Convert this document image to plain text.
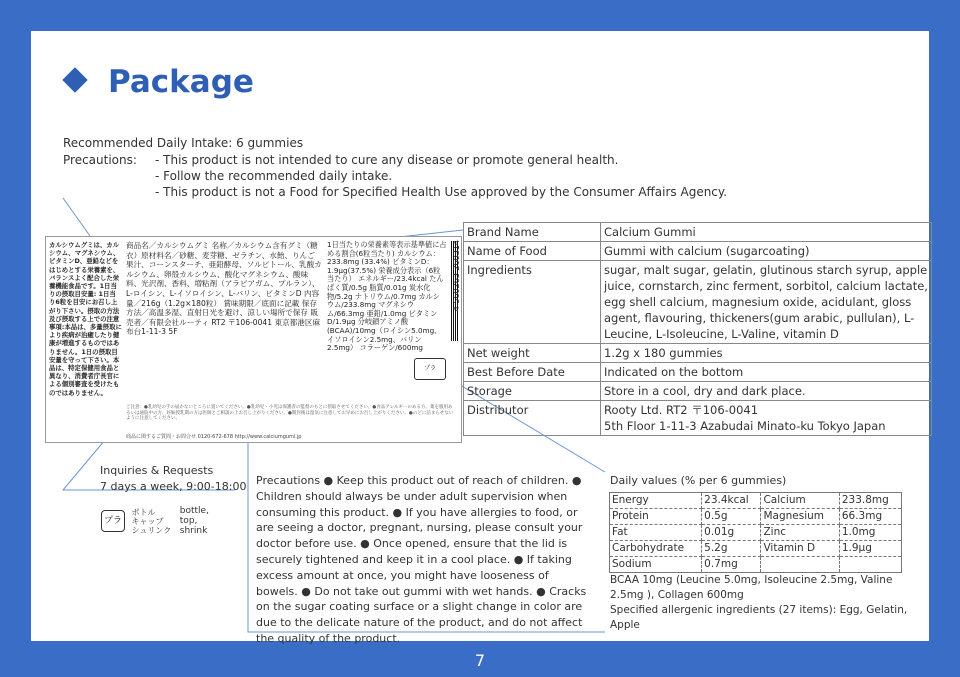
Package
Recommended Daily Intake: 6 gummies
Precautions: - This product is not intended to cure any disease or promote general health.
- Follow the recommended daily intake.
- This product is not a Food for Specified Health Use approved by the Consumer Affairs Agency.
カルシウムグミは、カルシウム、マグネシウム、ビタミンD、亜鉛などをはじめとする栄養素を、バランスよく配合した栄養機能食品です。1日当りの摂取目安量: 1日当り6粒を目安にお召し上がり下さい。摂取の方法及び摂取する上での注意事項:本品は、多量摂取により疾病が治癒したり健康が増進するものではありません。1日の摂取目安量を守って下さい。本品は、特定保健用食品と異なり、消費者庁長官による個別審査を受けたものではありません。
商品名／カルシウムグミ 名称／カルシウム含有グミ（糖衣）原材料名／砂糖、麦芽糖、ゼラチン、水飴、りんご果汁、コーンスターチ、亜鉛酵母、ソルビトール、乳酸カルシウム、卵殻カルシウム、酸化マグネシウム、酸味料、光沢剤、香料、増粘剤（アラビアガム、プルラン）、L-ロイシン、L-イソロイシン、L-バリン、ビタミンD 内容量／216g（1.2g×180粒） 賞味期限／底面に記載 保存方法／高温多湿、直射日光を避け、涼しい場所で保存 販売者／有限会社ルーティ RT2 〒106-0041 東京都港区麻布台1-11-3 5F
1日当たりの栄養素等表示基準値に占める割合(6粒当たり) カルシウム：233.8mg (33.4%) ビタミンD：1.9μg(37.5%) 栄養成分表示（6粒当たり） エネルギー/23.4kcal たんぱく質/0.5g 脂質/0.01g 炭水化物/5.2g ナトリウム/0.7mg カルシウム/233.8mg マグネシウム/66.3mg 亜鉛/1.0mg ビタミンD/1.9μg 分岐鎖アミノ酸(BCAA)/10mg（ロイシン5.0mg、イソロイシン2.5mg、バリン2.5mg） コラーゲン/600mg
プラ
ご注意：●乳幼児の手の届かないところに置いてください。●乳幼児・小児は保護者の監督のもとに摂取させてください。●食品アレルギーのある方、薬を服用あるいは通院中の方、妊娠授乳期の方は医師とご相談の上お召し上がりください。●開封後は湿気に注意してお早めにお召し上がりください。●のどに詰まらせないように注意してください。
商品に関するご質問・お問合せ 0120-672-678 http://www.calciumgumi.jp
4 560263 260314
Brand Name	Calcium Gummi
Name of Food	Gummi with calcium (sugarcoating)
Ingredients	sugar, malt sugar, gelatin, glutinous starch syrup, apple juice, cornstarch, zinc ferment, sorbitol, calcium lactate, egg shell calcium, magnesium oxide, acidulant, gloss agent, flavouring, thickeners(gum arabic, pullulan), L-Leucine, L-Isoleucine, L-Valine, vitamin D
Net weight	1.2g x 180 gummies
Best Before Date	Indicated on the bottom
Storage	Store in a cool, dry and dark place.
Distributor	Rooty Ltd. RT2 〒106-0041
5th Floor 1-11-3 Azabudai Minato-ku Tokyo Japan
Inquiries & Requests
7 days a week, 9:00-18:00
プラ
ボトル
キャップ
シュリンク

bottle,
top,
shrink
Precautions ● Keep this product out of reach of children. ● Children should always be under adult supervision when consuming this product. ● If you have allergies to food, or are seeing a doctor, pregnant, nursing, please consult your doctor before use. ● Once opened, ensure that the lid is securely tightened and keep it in a cool place. ● If taking excess amount at once, you might have looseness of bowels. ● Do not take out gummi with wet hands. ● Cracks on the sugar coating surface or a slight change in color are due to the delicate nature of the product, and do not affect the quality of the product.
Daily values (% per 6 gummies)
Energy	23.4kcal	Calcium	233.8mg
Protein	0.5g	Magnesium	66.3mg
Fat	0.01g	Zinc	1.0mg
Carbohydrate	5.2g	Vitamin D	1.9μg
Sodium	0.7mg		
BCAA 10mg (Leucine 5.0mg, Isoleucine 2.5mg, Valine 2.5mg ), Collagen 600mg
Specified allergenic ingredients (27 items): Egg, Gelatin, Apple
7
